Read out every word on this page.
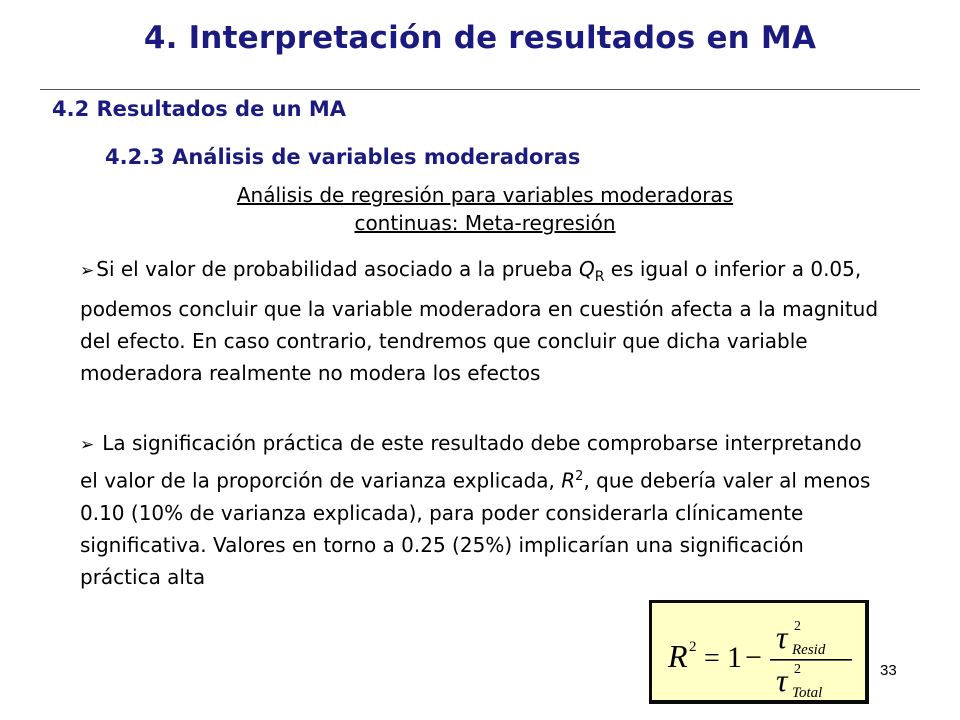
4. Interpretación de resultados en MA
4.2 Resultados de un MA
4.2.3 Análisis de variables moderadoras
Análisis de regresión para variables moderadoras
continuas: Meta-regresión
➢ Si el valor de probabilidad asociado a la prueba $Q_R$ es igual o inferior a 0.05, podemos concluir que la variable moderadora en cuestión afecta a la magnitud del efecto. En caso contrario, tendremos que concluir que dicha variable moderadora realmente no modera los efectos
➢ La significación práctica de este resultado debe comprobarse interpretando el valor de la proporción de varianza explicada, $R^2$, que debería valer al menos 0.10 (10% de varianza explicada), para poder considerarla clínicamente significativa. Valores en torno a 0.25 (25%) implicarían una significación práctica alta
R 2 = 1 −
τ 2
Resid
τ 2
Total
33
